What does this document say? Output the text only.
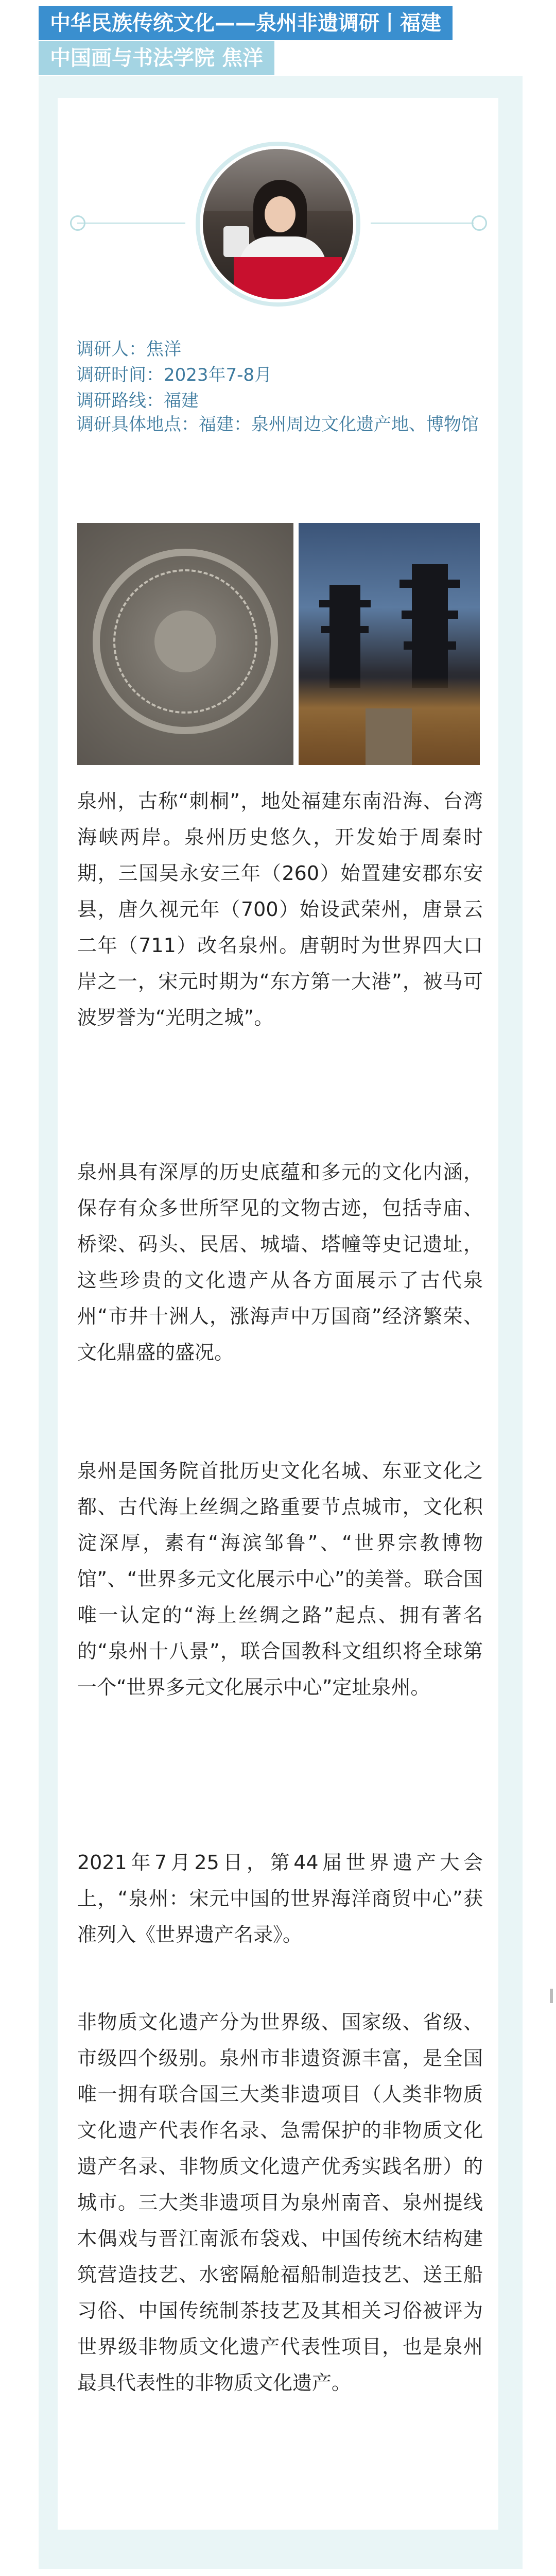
中华民族传统文化——泉州非遗调研丨福建
中国画与书法学院 焦洋
调研人：焦洋
调研时间：2023年7-8月
调研路线：福建
调研具体地点：福建：泉州周边文化遗产地、博物馆
泉州，古称“刺桐”，地处福建东南沿海、台湾海峡两岸。泉州历史悠久，开发始于周秦时期，三国吴永安三年（260）始置建安郡东安县，唐久视元年（700）始设武荣州，唐景云二年（711）改名泉州。唐朝时为世界四大口岸之一，宋元时期为“东方第一大港”，被马可波罗誉为“光明之城”。
泉州具有深厚的历史底蕴和多元的文化内涵，保存有众多世所罕见的文物古迹，包括寺庙、桥梁、码头、民居、城墙、塔幢等史记遗址，这些珍贵的文化遗产从各方面展示了古代泉州“市井十洲人，涨海声中万国商”经济繁荣、文化鼎盛的盛况。
泉州是国务院首批历史文化名城、东亚文化之都、古代海上丝绸之路重要节点城市，文化积淀深厚，素有“海滨邹鲁”、“世界宗教博物馆”、“世界多元文化展示中心”的美誉。联合国唯一认定的“海上丝绸之路”起点、拥有著名的“泉州十八景”，联合国教科文组织将全球第一个“世界多元文化展示中心”定址泉州。
2021年7月25日，第44届世界遗产大会上，“泉州：宋元中国的世界海洋商贸中心”获准列入《世界遗产名录》。
非物质文化遗产分为世界级、国家级、省级、市级四个级别。泉州市非遗资源丰富，是全国唯一拥有联合国三大类非遗项目（人类非物质文化遗产代表作名录、急需保护的非物质文化遗产名录、非物质文化遗产优秀实践名册）的城市。三大类非遗项目为泉州南音、泉州提线木偶戏与晋江南派布袋戏、中国传统木结构建筑营造技艺、水密隔舱福船制造技艺、送王船习俗、中国传统制茶技艺及其相关习俗被评为世界级非物质文化遗产代表性项目，也是泉州最具代表性的非物质文化遗产。
